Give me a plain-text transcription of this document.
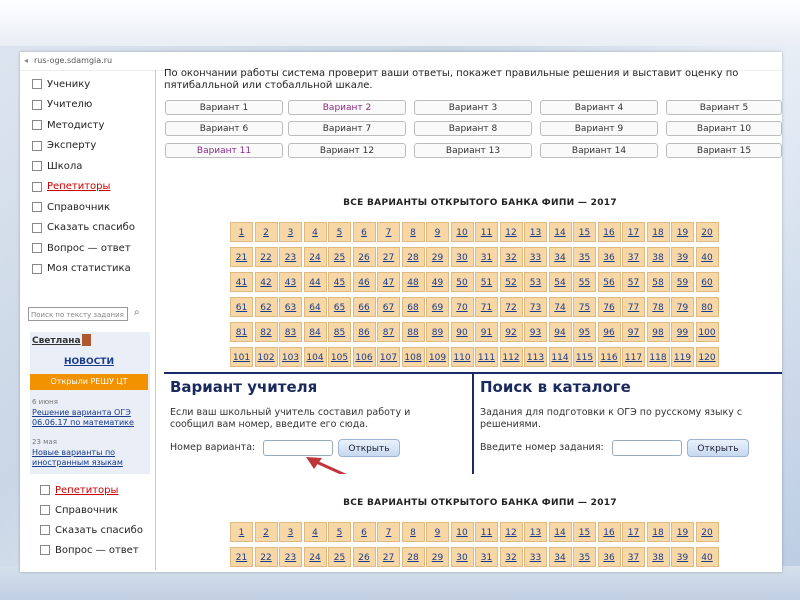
◂ rus-oge.sdamgia.ru
Поиск по тексту задания	⌕
Светлана
НОВОСТИ
Открыли РЕШУ ЦТ
6 июня
Решение варианта ОГЭ 06.06.17 по математике
23 мая
Новые варианты по иностранным языкам
Ученику
Учителю
Методисту
Эксперту
Школа
Репетиторы
Справочник
Сказать спасибо
Вопрос — ответ
Моя статистика
По окончании работы система проверит ваши ответы, покажет правильные решения и выставит оценку по пятибалльной или стобалльной шкале.
Вариант 1	Вариант 2	Вариант 3	Вариант 4	Вариант 5
Вариант 6	Вариант 7	Вариант 8	Вариант 9	Вариант 10
Вариант 11	Вариант 12	Вариант 13	Вариант 14	Вариант 15
ВСЕ ВАРИАНТЫ ОТКРЫТОГО БАНКА ФИПИ — 2017
1	2	3	4	5	6	7	8	9	10	11	12	13	14	15	16	17	18	19	20
21	22	23	24	25	26	27	28	29	30	31	32	33	34	35	36	37	38	39	40
41	42	43	44	45	46	47	48	49	50	51	52	53	54	55	56	57	58	59	60
61	62	63	64	65	66	67	68	69	70	71	72	73	74	75	76	77	78	79	80
81	82	83	84	85	86	87	88	89	90	91	92	93	94	95	96	97	98	99	100
101 102 103 104 105 106 107 108 109 110 111 112 113 114 115 116 117 118 119 120
Вариант учителя
Если ваш школьный учитель составил работу и сообщил вам номер, введите его сюда.
Номер варианта:	Открыть
Поиск в каталоге
Задания для подготовки к ОГЭ по русскому языку с решениями.
Введите номер задания:	Открыть
Репетиторы
Справочник
Сказать спасибо
Вопрос — ответ
ВСЕ ВАРИАНТЫ ОТКРЫТОГО БАНКА ФИПИ — 2017
1	2	3	4	5	6	7	8	9	10	11	12	13	14	15	16	17	18	19	20
21	22	23	24	25	26	27	28	29	30	31	32	33	34	35	36	37	38	39	40
